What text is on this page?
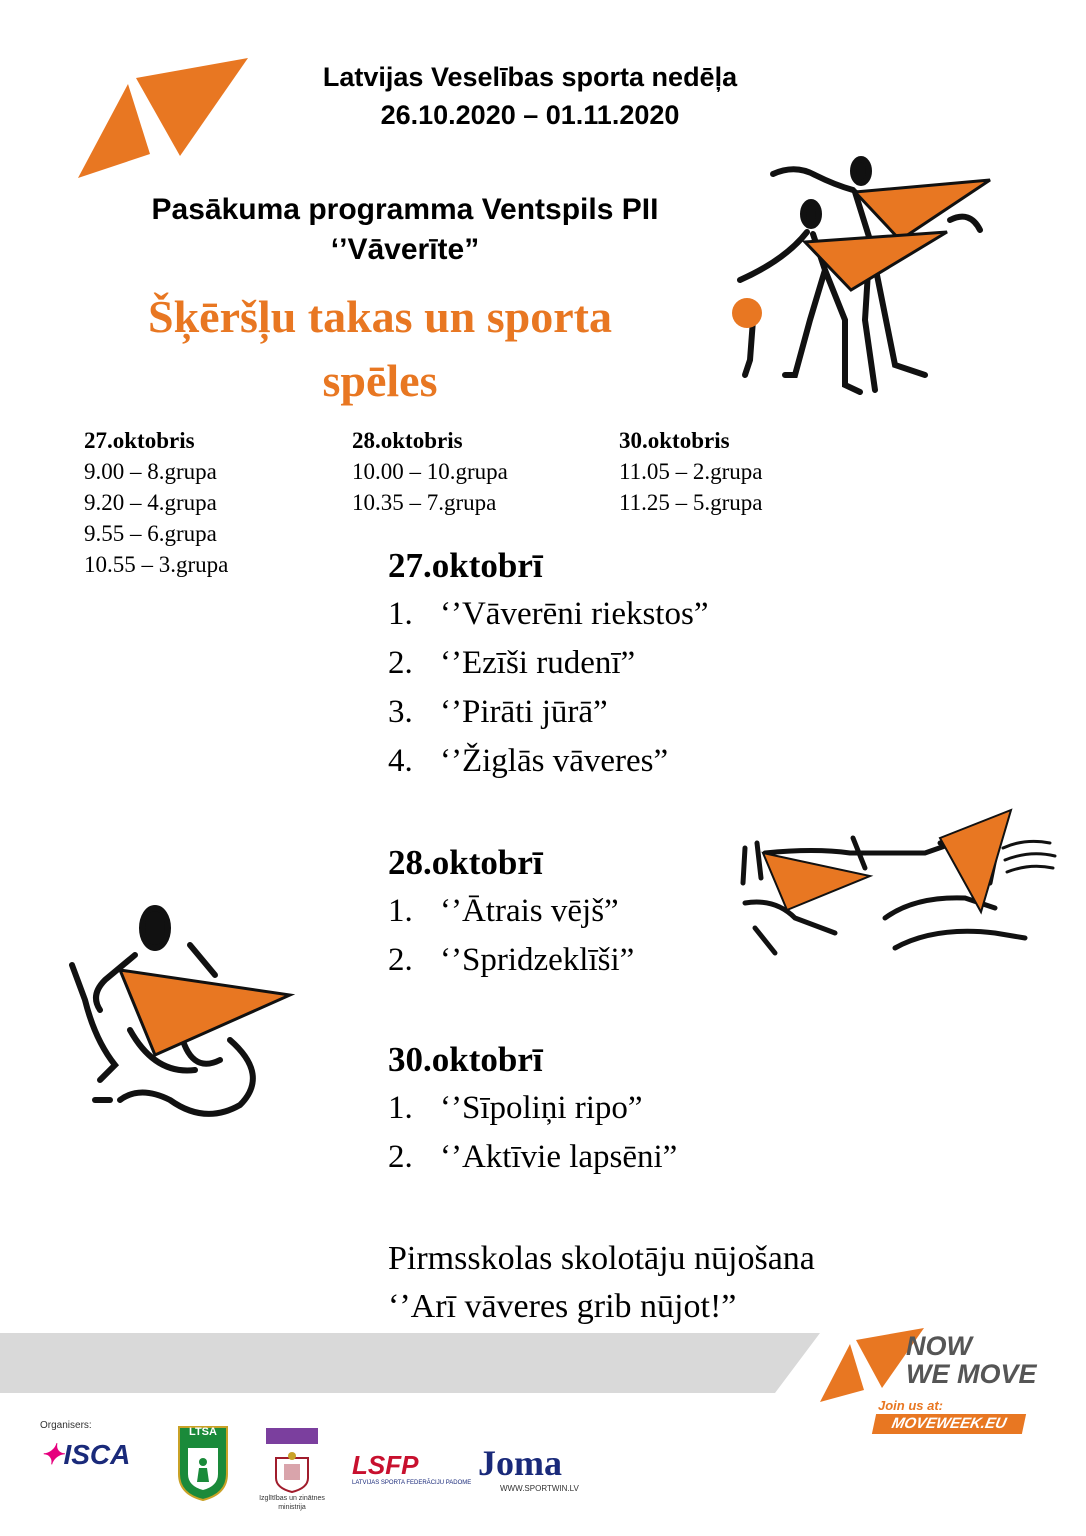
Latvijas Veselības sporta nedēļa
26.10.2020 – 01.11.2020
Pasākuma programma Ventspils PII
‘’Vāverīte”
Šķēršļu takas un sporta
spēles
27.oktobris
9.00 – 8.grupa
9.20 – 4.grupa
9.55 – 6.grupa
10.55 – 3.grupa
28.oktobris
10.00 – 10.grupa
10.35 – 7.grupa
30.oktobris
11.05 – 2.grupa
11.25 – 5.grupa
27.oktobrī
1. ‘’Vāverēni riekstos”
2. ‘’Ezīši rudenī”
3. ‘’Pirāti jūrā”
4. ‘’Žiglās vāveres”
28.oktobrī
1. ‘’Ātrais vējš”
2. ‘’Spridzeklīši”
30.oktobrī
1. ‘’Sīpoliņi ripo”
2. ‘’Aktīvie lapsēni”
Pirmsskolas skolotāju nūjošana
‘’Arī vāveres grib nūjot!”
NOW
WE MOVE
Join us at:
MOVEWEEK.EU
Organisers:
✦ISCA
LTSA
Izglītības un zinātnes ministrija
LSFP
LATVIJAS SPORTA FEDERĀCIJU PADOME Joma
WWW.SPORTWIN.LV
